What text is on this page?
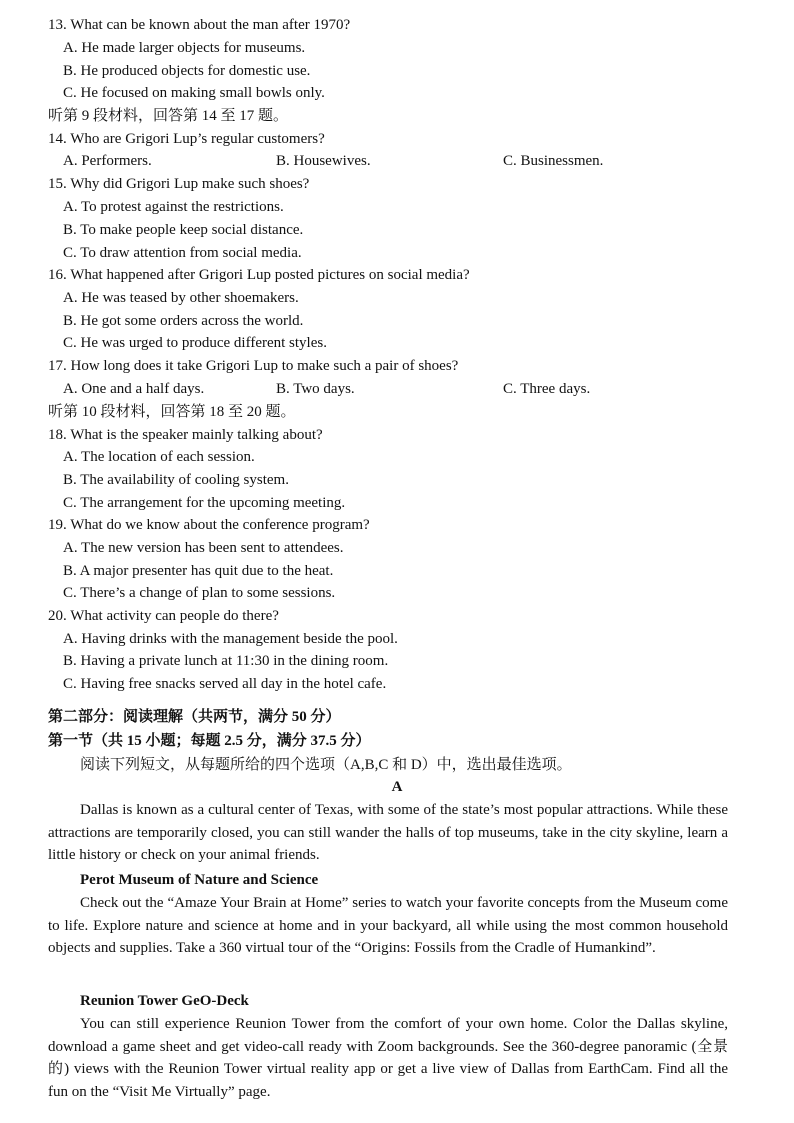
13. What can be known about the man after 1970?
A. He made larger objects for museums.
B. He produced objects for domestic use.
C. He focused on making small bowls only.
听第 9 段材料，回答第 14 至 17 题。
14. Who are Grigori Lup’s regular customers?
A. Performers.	B. Housewives.	C. Businessmen.
15. Why did Grigori Lup make such shoes?
A. To protest against the restrictions.
B. To make people keep social distance.
C. To draw attention from social media.
16. What happened after Grigori Lup posted pictures on social media?
A. He was teased by other shoemakers.
B. He got some orders across the world.
C. He was urged to produce different styles.
17. How long does it take Grigori Lup to make such a pair of shoes?
A. One and a half days.	B. Two days.	C. Three days.
听第 10 段材料，回答第 18 至 20 题。
18. What is the speaker mainly talking about?
A. The location of each session.
B. The availability of cooling system.
C. The arrangement for the upcoming meeting.
19. What do we know about the conference program?
A. The new version has been sent to attendees.
B. A major presenter has quit due to the heat.
C. There’s a change of plan to some sessions.
20. What activity can people do there?
A. Having drinks with the management beside the pool.
B. Having a private lunch at 11:30 in the dining room.
C. Having free snacks served all day in the hotel cafe.
第二部分：阅读理解（共两节，满分 50 分）
第一节（共 15 小题；每题 2.5 分，满分 37.5 分）
阅读下列短文，从每题所给的四个选项（A,B,C 和 D）中，选出最佳选项。
A
Dallas is known as a cultural center of Texas, with some of the state’s most popular attractions. While these attractions are temporarily closed, you can still wander the halls of top museums, take in the city skyline, learn a little history or check on your animal friends.
Perot Museum of Nature and Science
Check out the “Amaze Your Brain at Home” series to watch your favorite concepts from the Museum come to life. Explore nature and science at home and in your backyard, all while using the most common household objects and supplies. Take a 360 virtual tour of the “Origins: Fossils from the Cradle of Humankind”.
Reunion Tower GeO-Deck
You can still experience Reunion Tower from the comfort of your own home. Color the Dallas skyline, download a game sheet and get video-call ready with Zoom backgrounds. See the 360-degree panoramic (全景的) views with the Reunion Tower virtual reality app or get a live view of Dallas from EarthCam. Find all the fun on the “Visit Me Virtually” page.
